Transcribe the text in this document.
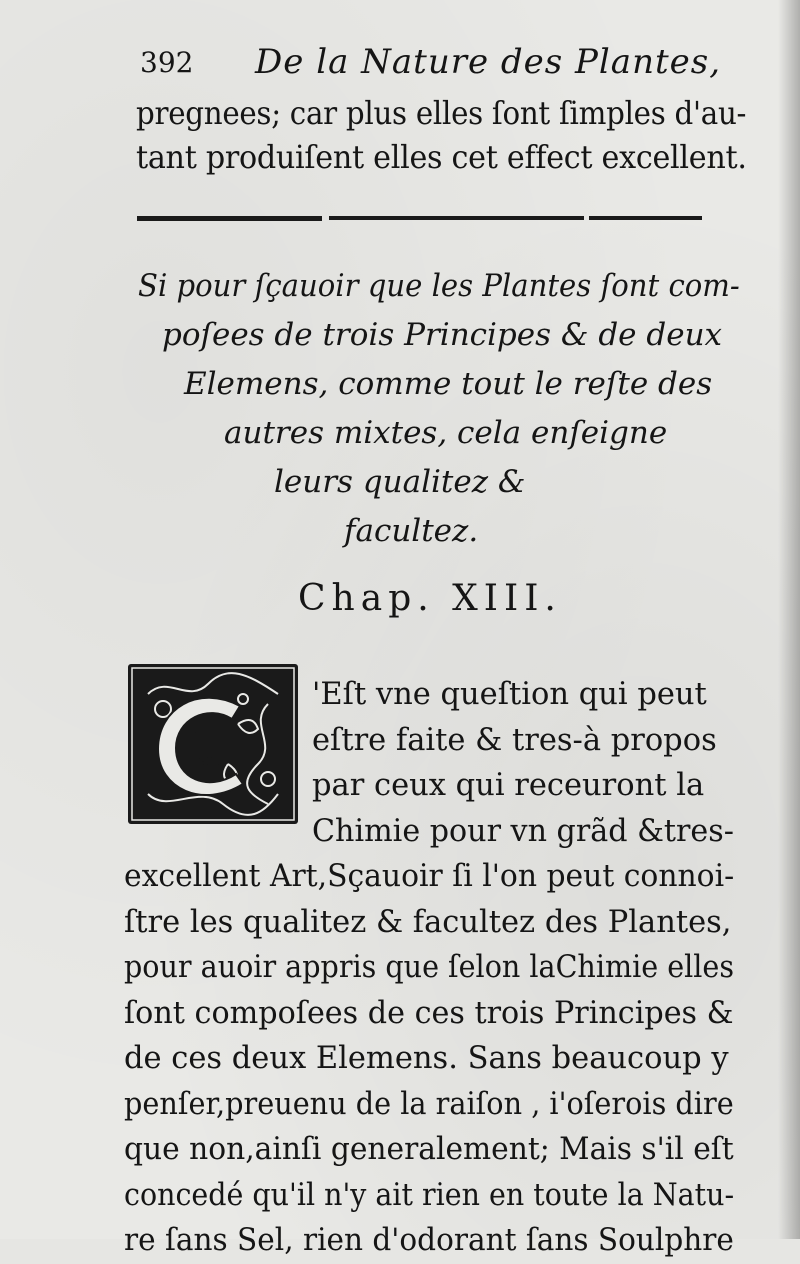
392 De la Nature des Plantes,
pregnees; car plus elles ſont ſimples d'au-
tant produiſent elles cet effect excellent.
Si pour ſçauoir que les Plantes ſont com-
poſees de trois Principes & de deux
Elemens, comme tout le reſte des
autres mixtes, cela enſeigne
leurs qualitez &
facultez.
Chap. XIII.
'Eſt vne queſtion qui peut
eſtre faite & tres-à propos
par ceux qui receuront la
Chimie pour vn grãd &tres-
excellent Art,Sçauoir ſi l'on peut connoi-
ſtre les qualitez & facultez des Plantes,
pour auoir appris que ſelon laChimie elles
ſont compoſees de ces trois Principes &
de ces deux Elemens. Sans beaucoup y
penſer,preuenu de la raiſon , i'oſerois dire
que non,ainſi generalement; Mais s'il eſt
concedé qu'il n'y ait rien en toute la Natu-
re ſans Sel, rien d'odorant ſans Soulphre
